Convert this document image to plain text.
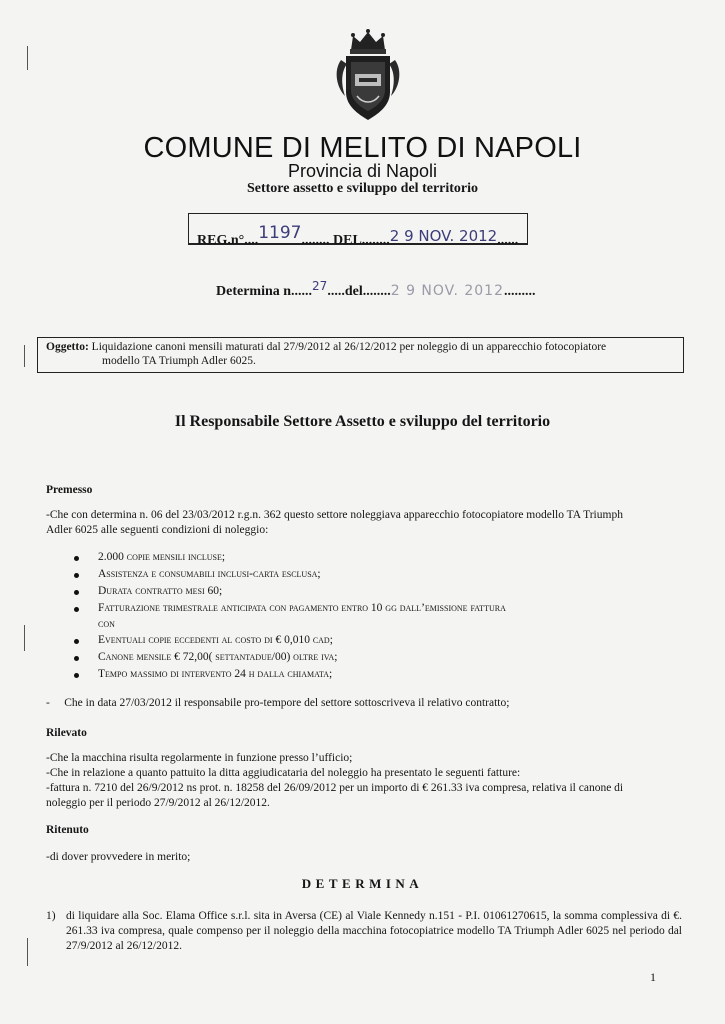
COMUNE DI MELITO DI NAPOLI
Provincia di Napoli
Settore assetto e sviluppo del territorio
REG.n°....1197........ DEL........2 9 NOV. 2012......
Determina n......27.....del........2 9 NOV. 2012.........
Oggetto: Liquidazione canoni mensili maturati dal 27/9/2012 al 26/12/2012 per noleggio di un apparecchio fotocopiatore
modello TA Triumph Adler 6025.
Il Responsabile Settore Assetto e sviluppo del territorio
Premesso
-Che con determina n. 06 del 23/03/2012 r.g.n. 362 questo settore noleggiava apparecchio fotocopiatore modello TA Triumph
Adler 6025 alle seguenti condizioni di noleggio:
2.000 copie mensili incluse;
Assistenza e consumabili inclusi-carta esclusa;
Durata contratto mesi 60;
Fatturazione trimestrale anticipata con pagamento entro 10 gg dall’emissione fattura
con
Eventuali copie eccedenti al costo di € 0,010 cad;
Canone mensile € 72,00( settantadue/00) oltre iva;
Tempo massimo di intervento 24 h dalla chiamata;
-     Che in data 27/03/2012 il responsabile pro-tempore del settore sottoscriveva il relativo contratto;
Rilevato
-Che la macchina risulta regolarmente in funzione presso l’ufficio;
-Che in relazione a quanto pattuito la ditta aggiudicataria del noleggio ha presentato le seguenti fatture:
-fattura n. 7210 del 26/9/2012 ns prot. n. 18258 del 26/09/2012 per un importo di € 261.33 iva compresa, relativa il canone di
noleggio per il periodo 27/9/2012 al 26/12/2012.
Ritenuto
-di dover provvedere in merito;
DETERMINA
1) di liquidare alla Soc. Elama Office s.r.l. sita in Aversa (CE) al Viale Kennedy n.151 - P.I. 01061270615, la somma complessiva di €. 261.33 iva compresa, quale compenso per il noleggio della macchina fotocopiatrice modello TA Triumph Adler 6025 nel periodo dal 27/9/2012 al 26/12/2012.
1
